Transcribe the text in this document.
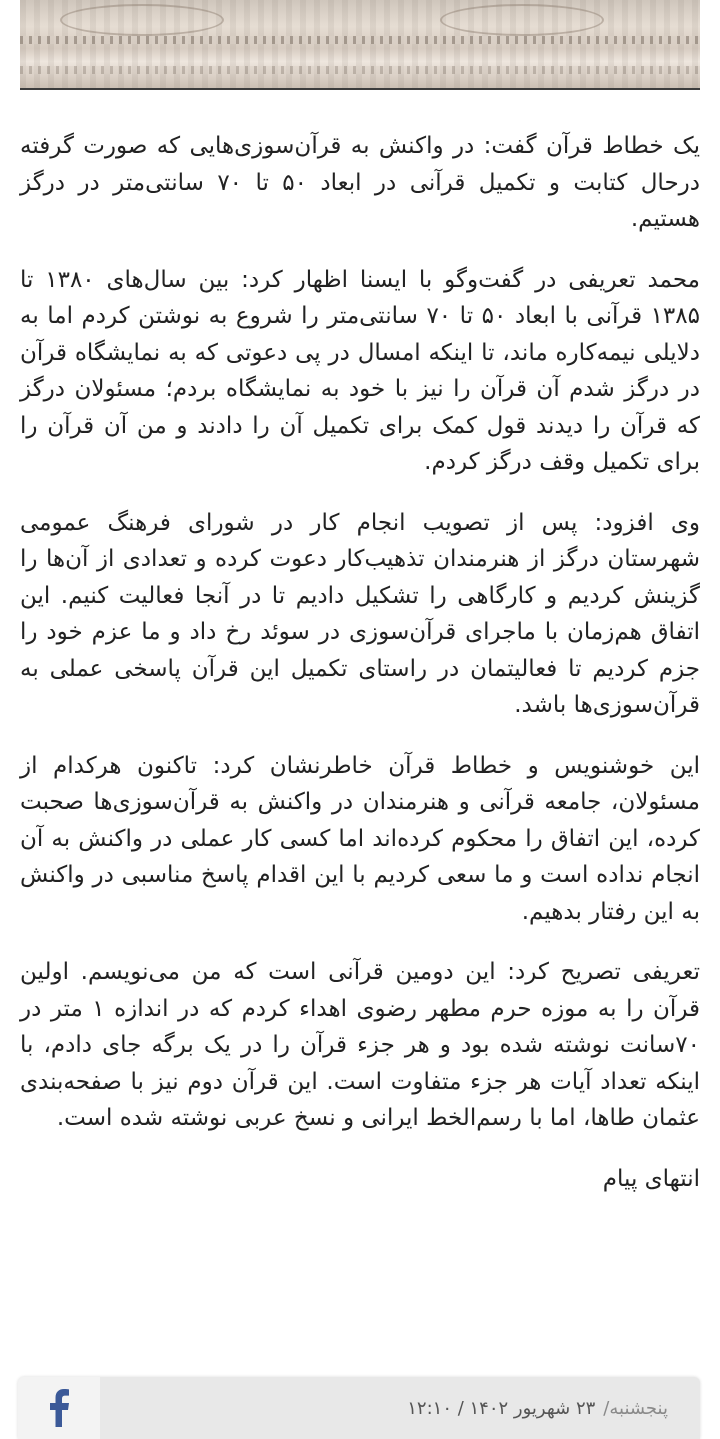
یک خطاط قرآن گفت: در واکنش به قرآن‌سوزی‌هایی که صورت گرفته درحال کتابت و تکمیل قرآنی در ابعاد ۵۰ تا ۷۰ سانتی‌متر در درگز هستیم.

محمد تعریفی در گفت‌وگو با ایسنا اظهار کرد: بین سال‌های ۱۳۸۰ تا ۱۳۸۵ قرآنی با ابعاد ۵۰ تا ۷۰ سانتی‌متر را شروع به نوشتن کردم اما به دلایلی نیمه‌کاره ماند، تا اینکه امسال در پی دعوتی که به نمایشگاه قرآن در درگز شدم آن قرآن را نیز با خود به نمایشگاه بردم؛ مسئولان درگز که قرآن را دیدند قول کمک برای تکمیل آن را دادند و من آن قرآن را برای تکمیل وقف درگز کردم.

وی افزود: پس از تصویب انجام کار در شورای فرهنگ عمومی شهرستان درگز از هنرمندان تذهیب‌کار دعوت کرده و تعدادی از آن‌ها را گزینش کردیم و کارگاهی را تشکیل دادیم تا در آنجا فعالیت کنیم. این اتفاق هم‌زمان با ماجرای قرآن‌سوزی در سوئد رخ داد و ما عزم خود را جزم کردیم تا فعالیتمان در راستای تکمیل این قرآن پاسخی عملی به قرآن‌سوزی‌ها باشد.

این خوشنویس و خطاط قرآن خاطرنشان کرد: تاکنون هرکدام از مسئولان، جامعه قرآنی و هنرمندان در واکنش به قرآن‌سوزی‌ها صحبت کرده، این اتفاق را محکوم کرده‌اند اما کسی کار عملی در واکنش به آن انجام نداده است و ما سعی کردیم با این اقدام پاسخ مناسبی در واکنش به این رفتار بدهیم.

تعریفی تصریح کرد: این دومین قرآنی است که من می‌نویسم. اولین قرآن را به موزه حرم مطهر رضوی اهداء کردم که در اندازه ۱ متر در ۷۰سانت نوشته شده بود و هر جزء قرآن را در یک برگه جای دادم، با اینکه تعداد آیات هر جزء متفاوت است. این قرآن دوم نیز با صفحه‌بندی عثمان طاها، اما با رسم‌الخط ایرانی و نسخ عربی نوشته شده است.

انتهای پیام

پنجشنبه/
۲۳ شهریور ۱۴۰۲ / ۱۲:۱۰
